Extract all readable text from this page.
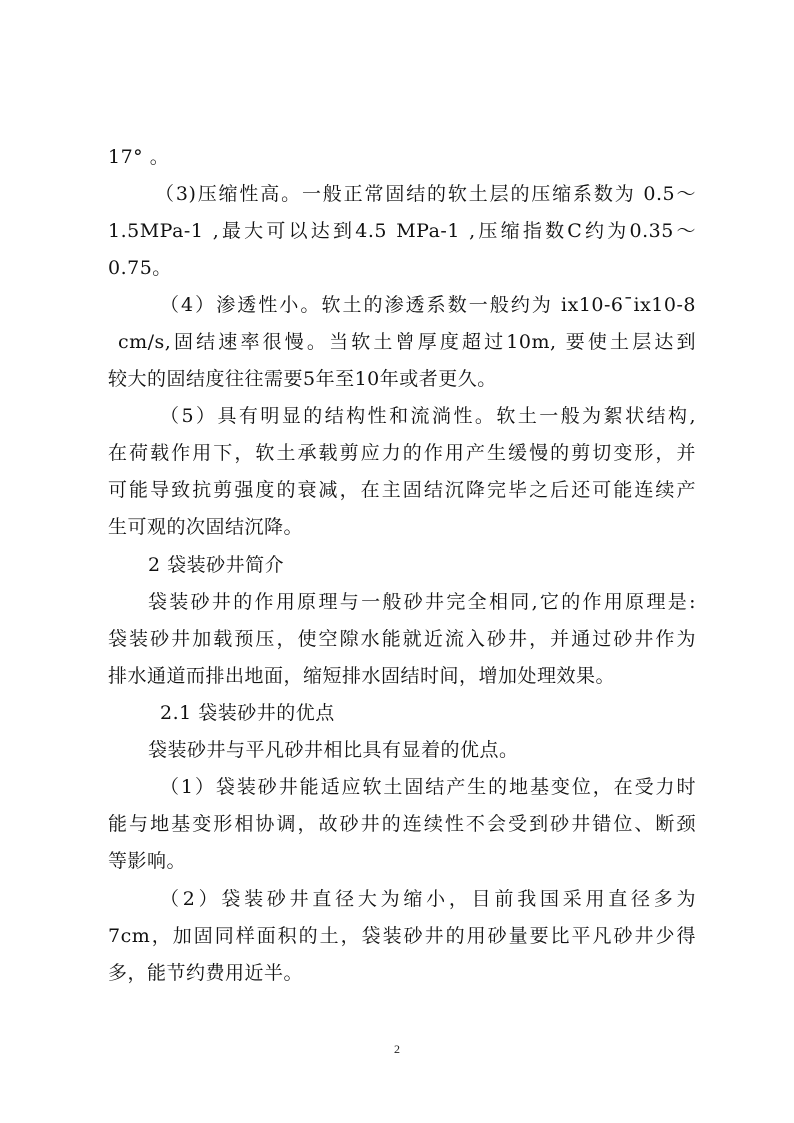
17° 。
（3)压缩性高。一般正常固结的软土层的压缩系数为 0.5～
1.5MPa-1 ,最大可以达到4.5 MPa-1 ,压缩指数C约为0.35～
0.75。
（4）渗透性小。软土的渗透系数一般约为 ix10-6¯ix10-8
cm/s,固结速率很慢。当软土曾厚度超过10m, 要使土层达到
较大的固结度往往需要5年至10年或者更久。
（5）具有明显的结构性和流淌性。软土一般为絮状结构,
在荷载作用下，软土承载剪应力的作用产生缓慢的剪切变形，并
可能导致抗剪强度的衰减，在主固结沉降完毕之后还可能连续产
生可观的次固结沉降。
2 袋装砂井简介
袋装砂井的作用原理与一般砂井完全相同,它的作用原理是:
袋装砂井加载预压，使空隙水能就近流入砂井，并通过砂井作为
排水通道而排出地面，缩短排水固结时间，增加处理效果。
2.1 袋装砂井的优点
袋装砂井与平凡砂井相比具有显着的优点。
（1）袋装砂井能适应软土固结产生的地基变位，在受力时
能与地基变形相协调，故砂井的连续性不会受到砂井错位、断颈
等影响。
（2）袋装砂井直径大为缩小，目前我国采用直径多为
7cm，加固同样面积的土，袋装砂井的用砂量要比平凡砂井少得
多，能节约费用近半。
2
